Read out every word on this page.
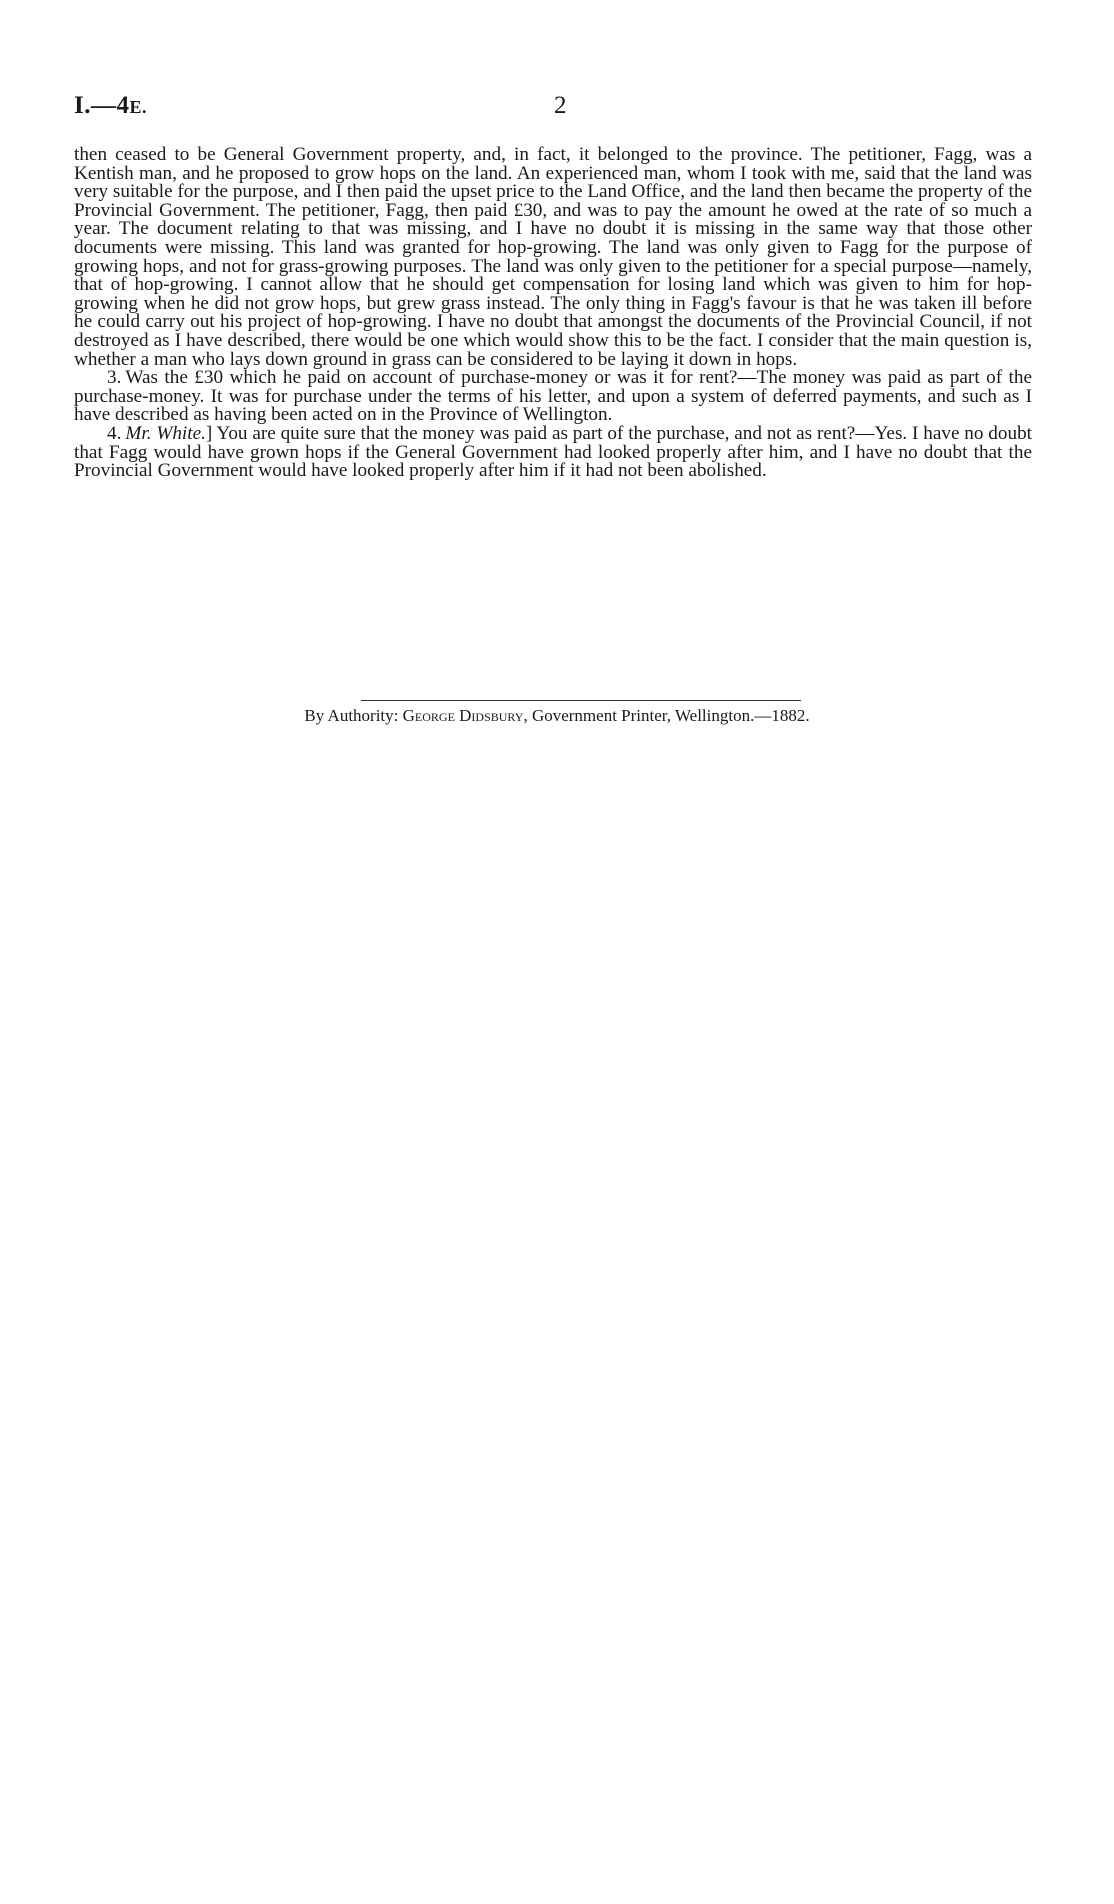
I.—4E.	2

then ceased to be General Government property, and, in fact, it belonged to the province. The petitioner, Fagg, was a Kentish man, and he proposed to grow hops on the land. An experienced man, whom I took with me, said that the land was very suitable for the purpose, and I then paid the upset price to the Land Office, and the land then became the property of the Provincial Government. The petitioner, Fagg, then paid £30, and was to pay the amount he owed at the rate of so much a year. The document relating to that was missing, and I have no doubt it is missing in the same way that those other documents were missing. This land was granted for hop-growing. The land was only given to Fagg for the purpose of growing hops, and not for grass-growing purposes. The land was only given to the petitioner for a special purpose—namely, that of hop-growing. I cannot allow that he should get compensation for losing land which was given to him for hop-growing when he did not grow hops, but grew grass instead. The only thing in Fagg's favour is that he was taken ill before he could carry out his project of hop-growing. I have no doubt that amongst the documents of the Provincial Council, if not destroyed as I have described, there would be one which would show this to be the fact. I consider that the main question is, whether a man who lays down ground in grass can be considered to be laying it down in hops.

3. Was the £30 which he paid on account of purchase-money or was it for rent?—The money was paid as part of the purchase-money. It was for purchase under the terms of his letter, and upon a system of deferred payments, and such as I have described as having been acted on in the Province of Wellington.

4. Mr. White.] You are quite sure that the money was paid as part of the purchase, and not as rent?—Yes. I have no doubt that Fagg would have grown hops if the General Government had looked properly after him, and I have no doubt that the Provincial Government would have looked properly after him if it had not been abolished.

By Authority: George Didsbury, Government Printer, Wellington.—1882.
